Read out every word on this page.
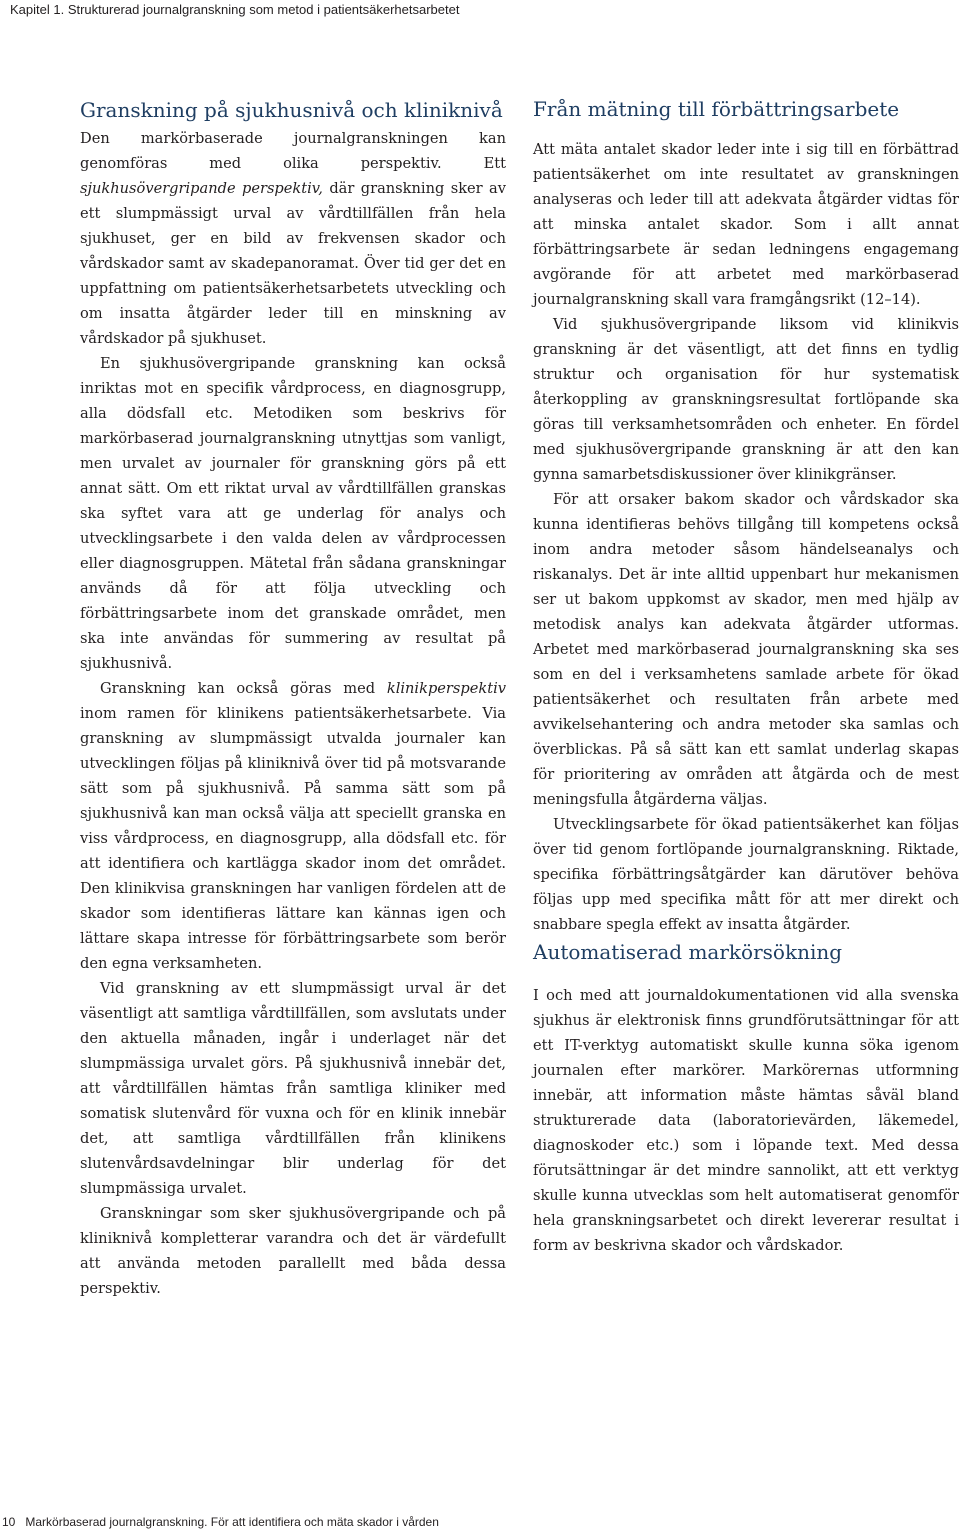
Kapitel 1. Strukturerad journalgranskning som metod i patientsäkerhetsarbetet
Granskning på sjukhusnivå och kliniknivå

Den markörbaserade journalgranskningen kan genomföras med olika perspektiv. Ett sjukhusövergripande perspektiv, där granskning sker av ett slumpmässigt urval av vårdtillfällen från hela sjukhuset, ger en bild av frekvensen skador och vårdskador samt av skadepanoramat. Över tid ger det en uppfattning om patientsäkerhetsarbetets utveckling och om insatta åtgärder leder till en minskning av vårdskador på sjukhuset.

En sjukhusövergripande granskning kan också inriktas mot en specifik vårdprocess, en diagnosgrupp, alla dödsfall etc. Metodiken som beskrivs för markörbaserad journalgranskning utnyttjas som vanligt, men urvalet av journaler för granskning görs på ett annat sätt. Om ett riktat urval av vårdtillfällen granskas ska syftet vara att ge underlag för analys och utvecklingsarbete i den valda delen av vårdprocessen eller diagnosgruppen. Mätetal från sådana granskningar används då för att följa utveckling och förbättringsarbete inom det granskade området, men ska inte användas för summering av resultat på sjukhusnivå.

Granskning kan också göras med klinikperspektiv inom ramen för klinikens patientsäkerhetsarbete. Via granskning av slumpmässigt utvalda journaler kan utvecklingen följas på kliniknivå över tid på motsvarande sätt som på sjukhusnivå. På samma sätt som på sjukhusnivå kan man också välja att speciellt granska en viss vårdprocess, en diagnosgrupp, alla dödsfall etc. för att identifiera och kartlägga skador inom det området. Den klinikvisa granskningen har vanligen fördelen att de skador som identifieras lättare kan kännas igen och lättare skapa intresse för förbättringsarbete som berör den egna verksamheten.

Vid granskning av ett slumpmässigt urval är det väsentligt att samtliga vårdtillfällen, som avslutats under den aktuella månaden, ingår i underlaget när det slumpmässiga urvalet görs. På sjukhusnivå innebär det, att vårdtillfällen hämtas från samtliga kliniker med somatisk slutenvård för vuxna och för en klinik innebär det, att samtliga vårdtillfällen från klinikens slutenvårdsavdelningar blir underlag för det slumpmässiga urvalet.

Granskningar som sker sjukhusövergripande och på kliniknivå kompletterar varandra och det är värdefullt att använda metoden parallellt med båda dessa perspektiv.

Från mätning till förbättringsarbete

Att mäta antalet skador leder inte i sig till en förbättrad patientsäkerhet om inte resultatet av granskningen analyseras och leder till att adekvata åtgärder vidtas för att minska antalet skador. Som i allt annat förbättringsarbete är sedan ledningens engagemang avgörande för att arbetet med markörbaserad journalgranskning skall vara framgångsrikt (12–14).

Vid sjukhusövergripande liksom vid klinikvis granskning är det väsentligt, att det finns en tydlig struktur och organisation för hur systematisk återkoppling av granskningsresultat fortlöpande ska göras till verksamhetsområden och enheter. En fördel med sjukhusövergripande granskning är att den kan gynna samarbetsdiskussioner över klinikgränser.

För att orsaker bakom skador och vårdskador ska kunna identifieras behövs tillgång till kompetens också inom andra metoder såsom händelseanalys och riskanalys. Det är inte alltid uppenbart hur mekanismen ser ut bakom uppkomst av skador, men med hjälp av metodisk analys kan adekvata åtgärder utformas. Arbetet med markörbaserad journalgranskning ska ses som en del i verksamhetens samlade arbete för ökad patientsäkerhet och resultaten från arbete med avvikelsehantering och andra metoder ska samlas och överblickas. På så sätt kan ett samlat underlag skapas för prioritering av områden att åtgärda och de mest meningsfulla åtgärderna väljas.

Utvecklingsarbete för ökad patientsäkerhet kan följas över tid genom fortlöpande journalgranskning. Riktade, specifika förbättringsåtgärder kan därutöver behöva följas upp med specifika mått för att mer direkt och snabbare spegla effekt av insatta åtgärder.

Automatiserad markörsökning

I och med att journaldokumentationen vid alla svenska sjukhus är elektronisk finns grundförutsättningar för att ett IT-verktyg automatiskt skulle kunna söka igenom journalen efter markörer. Markörernas utformning innebär, att information måste hämtas såväl bland strukturerade data (laboratorievärden, läkemedel, diagnoskoder etc.) som i löpande text. Med dessa förutsättningar är det mindre sannolikt, att ett verktyg skulle kunna utvecklas som helt automatiserat genomför hela granskningsarbetet och direkt levererar resultat i form av beskrivna skador och vårdskador.

10 Markörbaserad journalgranskning. För att identifiera och mäta skador i vården
